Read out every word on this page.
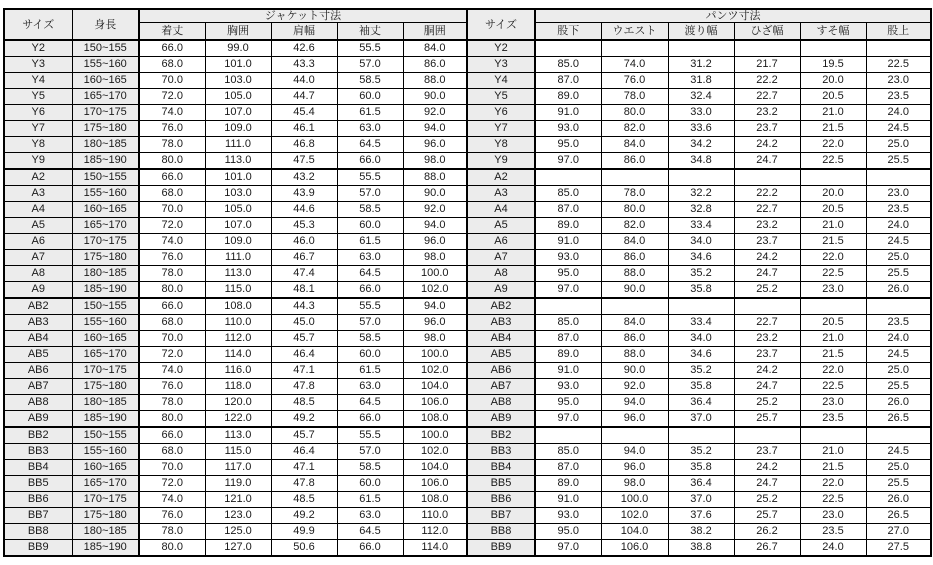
サイズ	身長	ジャケット寸法					サイズ	パンツ寸法					
		着丈	胸囲	肩幅	袖丈	胴囲		股下	ウエスト	渡り幅	ひざ幅	すそ幅	股上
Y2	150~155	66.0	99.0	42.6	55.5	84.0	Y2						
Y3	155~160	68.0	101.0	43.3	57.0	86.0	Y3	85.0	74.0	31.2	21.7	19.5	22.5
Y4	160~165	70.0	103.0	44.0	58.5	88.0	Y4	87.0	76.0	31.8	22.2	20.0	23.0
Y5	165~170	72.0	105.0	44.7	60.0	90.0	Y5	89.0	78.0	32.4	22.7	20.5	23.5
Y6	170~175	74.0	107.0	45.4	61.5	92.0	Y6	91.0	80.0	33.0	23.2	21.0	24.0
Y7	175~180	76.0	109.0	46.1	63.0	94.0	Y7	93.0	82.0	33.6	23.7	21.5	24.5
Y8	180~185	78.0	111.0	46.8	64.5	96.0	Y8	95.0	84.0	34.2	24.2	22.0	25.0
Y9	185~190	80.0	113.0	47.5	66.0	98.0	Y9	97.0	86.0	34.8	24.7	22.5	25.5
A2	150~155	66.0	101.0	43.2	55.5	88.0	A2						
A3	155~160	68.0	103.0	43.9	57.0	90.0	A3	85.0	78.0	32.2	22.2	20.0	23.0
A4	160~165	70.0	105.0	44.6	58.5	92.0	A4	87.0	80.0	32.8	22.7	20.5	23.5
A5	165~170	72.0	107.0	45.3	60.0	94.0	A5	89.0	82.0	33.4	23.2	21.0	24.0
A6	170~175	74.0	109.0	46.0	61.5	96.0	A6	91.0	84.0	34.0	23.7	21.5	24.5
A7	175~180	76.0	111.0	46.7	63.0	98.0	A7	93.0	86.0	34.6	24.2	22.0	25.0
A8	180~185	78.0	113.0	47.4	64.5	100.0	A8	95.0	88.0	35.2	24.7	22.5	25.5
A9	185~190	80.0	115.0	48.1	66.0	102.0	A9	97.0	90.0	35.8	25.2	23.0	26.0
AB2	150~155	66.0	108.0	44.3	55.5	94.0	AB2						
AB3	155~160	68.0	110.0	45.0	57.0	96.0	AB3	85.0	84.0	33.4	22.7	20.5	23.5
AB4	160~165	70.0	112.0	45.7	58.5	98.0	AB4	87.0	86.0	34.0	23.2	21.0	24.0
AB5	165~170	72.0	114.0	46.4	60.0	100.0	AB5	89.0	88.0	34.6	23.7	21.5	24.5
AB6	170~175	74.0	116.0	47.1	61.5	102.0	AB6	91.0	90.0	35.2	24.2	22.0	25.0
AB7	175~180	76.0	118.0	47.8	63.0	104.0	AB7	93.0	92.0	35.8	24.7	22.5	25.5
AB8	180~185	78.0	120.0	48.5	64.5	106.0	AB8	95.0	94.0	36.4	25.2	23.0	26.0
AB9	185~190	80.0	122.0	49.2	66.0	108.0	AB9	97.0	96.0	37.0	25.7	23.5	26.5
BB2	150~155	66.0	113.0	45.7	55.5	100.0	BB2						
BB3	155~160	68.0	115.0	46.4	57.0	102.0	BB3	85.0	94.0	35.2	23.7	21.0	24.5
BB4	160~165	70.0	117.0	47.1	58.5	104.0	BB4	87.0	96.0	35.8	24.2	21.5	25.0
BB5	165~170	72.0	119.0	47.8	60.0	106.0	BB5	89.0	98.0	36.4	24.7	22.0	25.5
BB6	170~175	74.0	121.0	48.5	61.5	108.0	BB6	91.0	100.0	37.0	25.2	22.5	26.0
BB7	175~180	76.0	123.0	49.2	63.0	110.0	BB7	93.0	102.0	37.6	25.7	23.0	26.5
BB8	180~185	78.0	125.0	49.9	64.5	112.0	BB8	95.0	104.0	38.2	26.2	23.5	27.0
BB9	185~190	80.0	127.0	50.6	66.0	114.0	BB9	97.0	106.0	38.8	26.7	24.0	27.5
